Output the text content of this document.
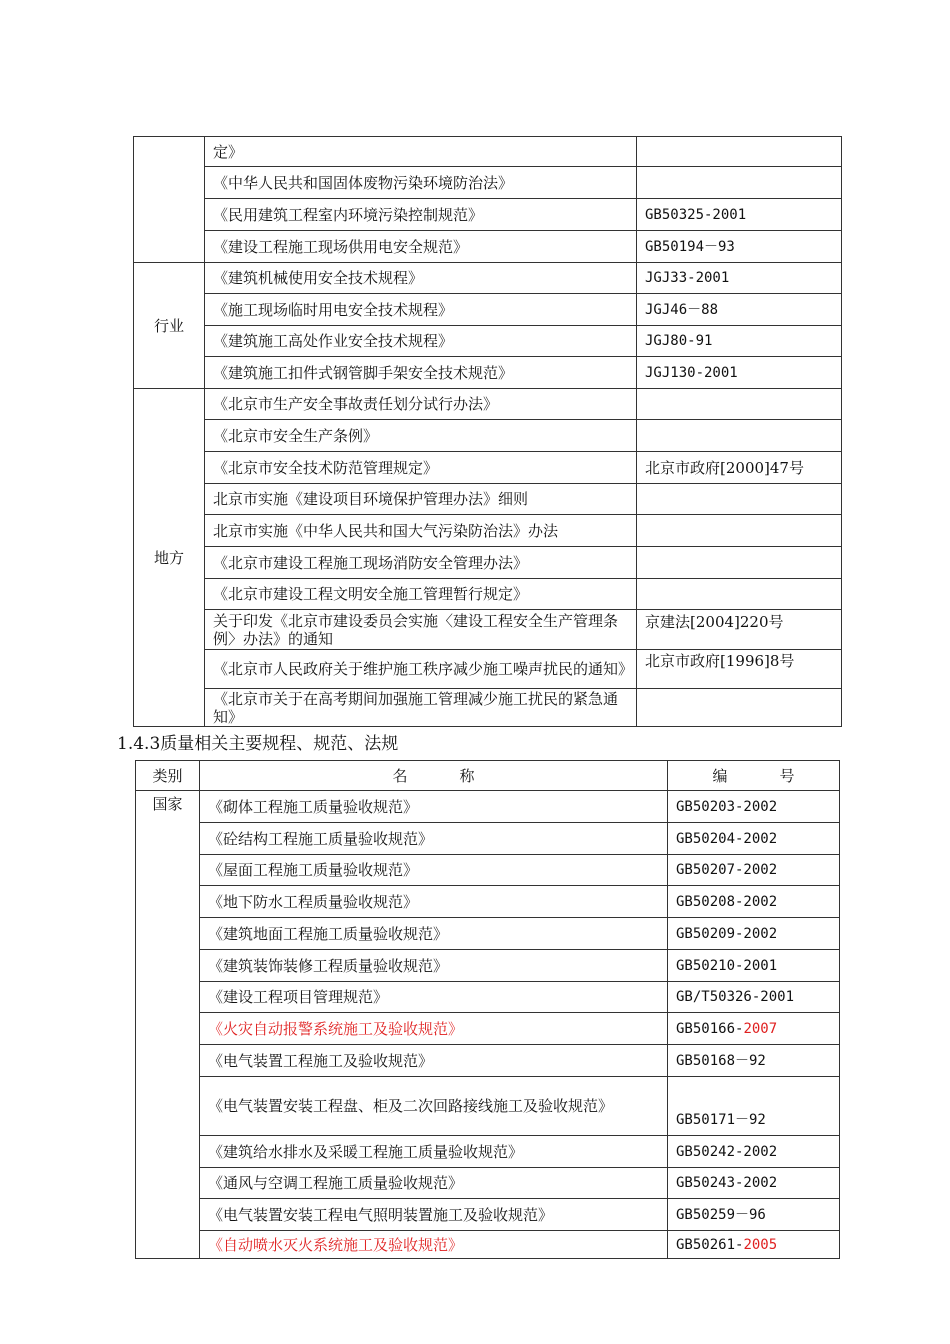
	定》	
	《中华人民共和国固体废物污染环境防治法》	
	《民用建筑工程室内环境污染控制规范》	GB50325-2001
	《建设工程施工现场供用电安全规范》	GB50194－93
行业	《建筑机械使用安全技术规程》	JGJ33-2001
	《施工现场临时用电安全技术规程》	JGJ46－88
	《建筑施工高处作业安全技术规程》	JGJ80-91
	《建筑施工扣件式钢管脚手架安全技术规范》	JGJ130-2001
地方	《北京市生产安全事故责任划分试行办法》	
	《北京市安全生产条例》	
	《北京市安全技术防范管理规定》	北京市政府[2000]47号
	北京市实施《建设项目环境保护管理办法》细则	
	北京市实施《中华人民共和国大气污染防治法》办法	
	《北京市建设工程施工现场消防安全管理办法》	
	《北京市建设工程文明安全施工管理暂行规定》	
	关于印发《北京市建设委员会实施〈建设工程安全生产管理条例〉办法》的通知	京建法[2004]220号
	《北京市人民政府关于维护施工秩序减少施工噪声扰民的通知》	北京市政府[1996]8号
	《北京市关于在高考期间加强施工管理减少施工扰民的紧急通知》	
1.4.3质量相关主要规程、规范、法规
类别	名 称	编 号
国家	《砌体工程施工质量验收规范》	GB50203-2002
	《砼结构工程施工质量验收规范》	GB50204-2002
	《屋面工程施工质量验收规范》	GB50207-2002
	《地下防水工程质量验收规范》	GB50208-2002
	《建筑地面工程施工质量验收规范》	GB50209-2002
	《建筑装饰装修工程质量验收规范》	GB50210-2001
	《建设工程项目管理规范》	GB/T50326-2001
	《火灾自动报警系统施工及验收规范》	GB50166-2007
	《电气装置工程施工及验收规范》	GB50168－92
	《电气装置安装工程盘、柜及二次回路接线施工及验收规范》	GB50171－92
	《建筑给水排水及采暖工程施工质量验收规范》	GB50242-2002
	《通风与空调工程施工质量验收规范》	GB50243-2002
	《电气装置安装工程电气照明装置施工及验收规范》	GB50259－96
	《自动喷水灭火系统施工及验收规范》	GB50261-2005
